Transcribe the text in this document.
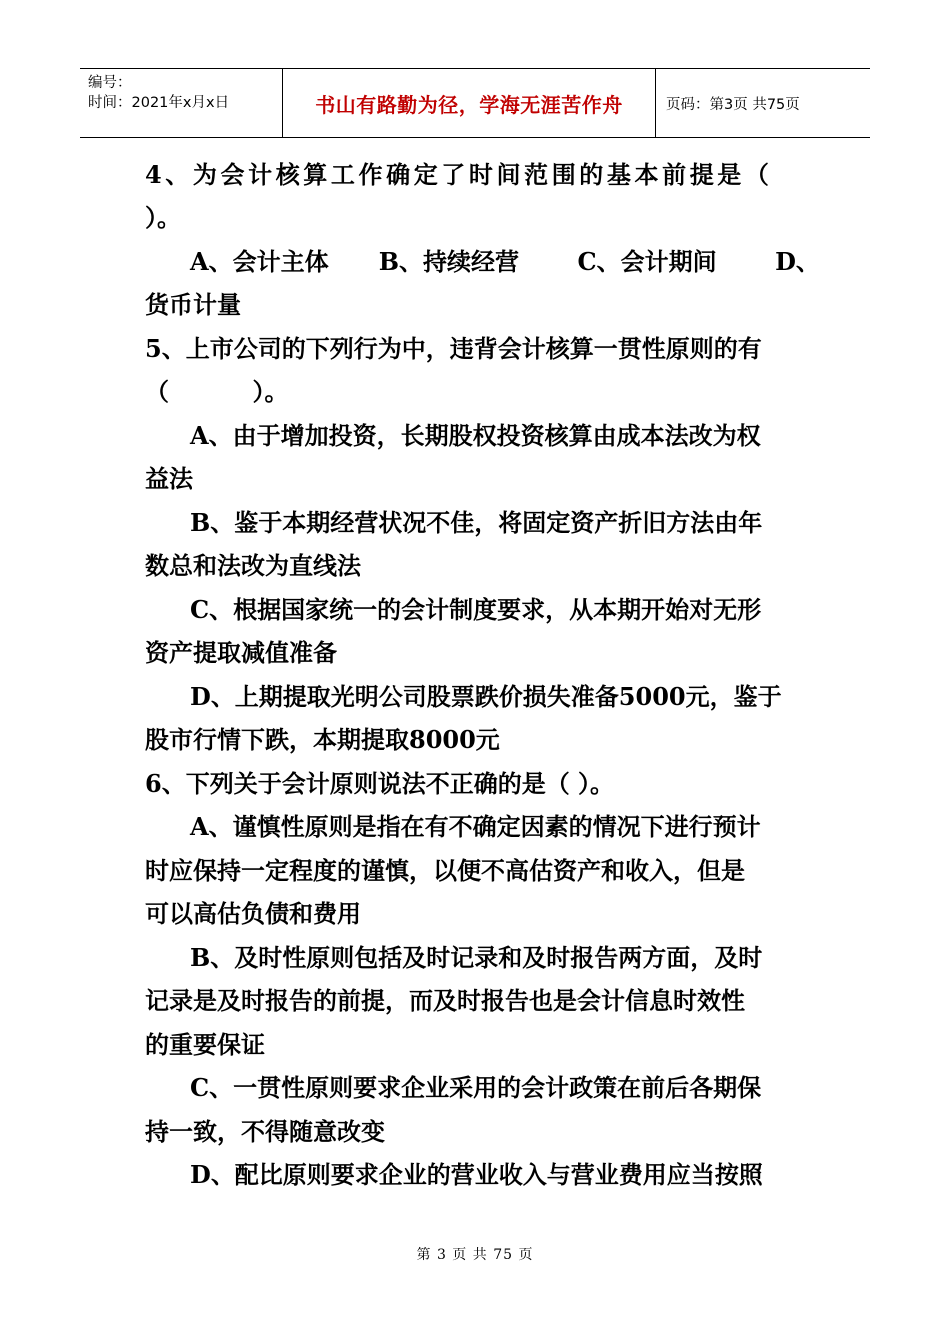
编号：
时间：2021年x月x日	书山有路勤为径，学海无涯苦作舟	页码：第3页 共75页
4、为会计核算工作确定了时间范围的基本前提是（
）。
A、会计主体      B、持续经营       C、会计期间       D、
货币计量
5、上市公司的下列行为中，违背会计核算一贯性原则的有
（          ）。
A、由于增加投资，长期股权投资核算由成本法改为权
益法
B、鉴于本期经营状况不佳，将固定资产折旧方法由年
数总和法改为直线法
C、根据国家统一的会计制度要求，从本期开始对无形
资产提取减值准备
D、上期提取光明公司股票跌价损失准备5000元，鉴于
股市行情下跌，本期提取8000元
6、下列关于会计原则说法不正确的是（ ）。
A、谨慎性原则是指在有不确定因素的情况下进行预计
时应保持一定程度的谨慎，以便不高估资产和收入，但是
可以高估负债和费用
B、及时性原则包括及时记录和及时报告两方面，及时
记录是及时报告的前提，而及时报告也是会计信息时效性
的重要保证
C、一贯性原则要求企业采用的会计政策在前后各期保
持一致，不得随意改变
D、配比原则要求企业的营业收入与营业费用应当按照
第 3 页 共 75 页
